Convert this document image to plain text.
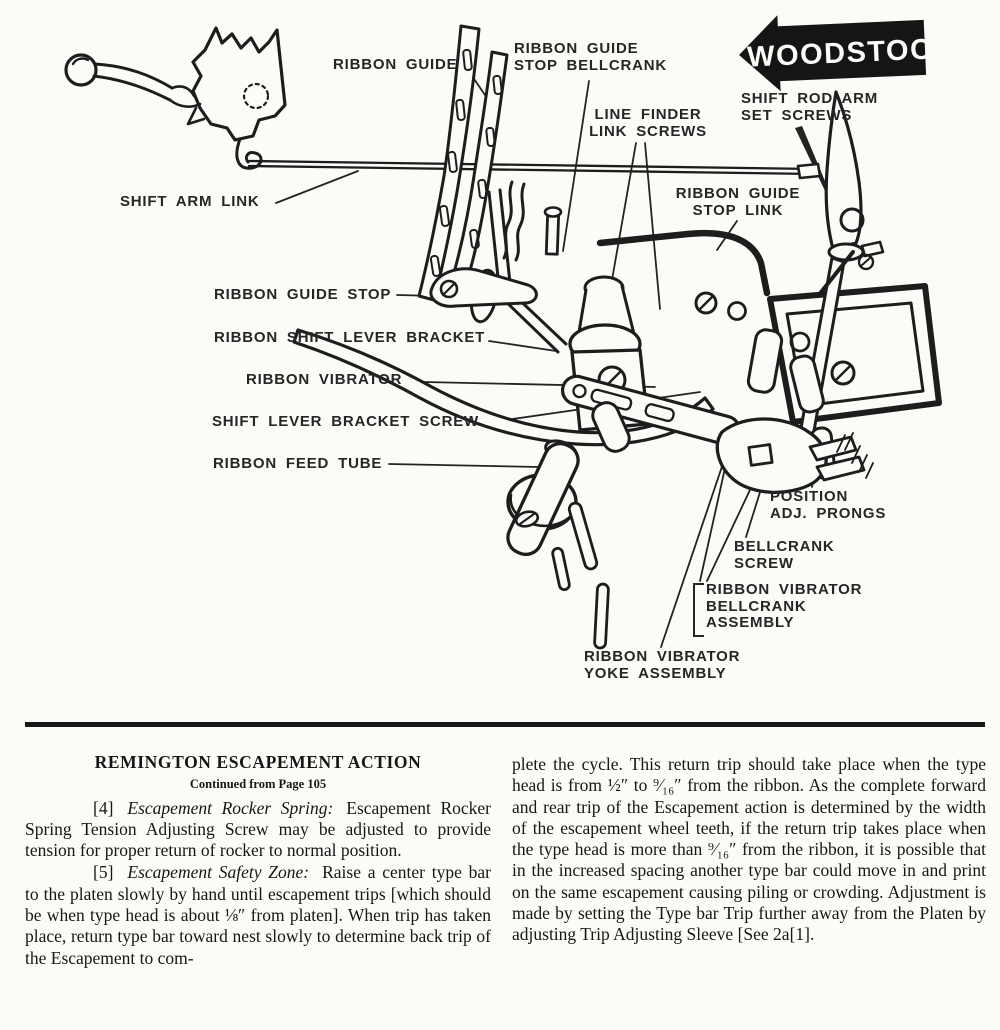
WOODSTOCK
RIBBON GUIDE
RIBBON GUIDE
STOP BELLCRANK
LINE FINDER
LINK SCREWS
SHIFT ROD ARM
SET SCREWS
RIBBON GUIDE
STOP LINK
SHIFT ARM LINK
RIBBON GUIDE STOP
RIBBON SHIFT LEVER BRACKET
RIBBON VIBRATOR
SHIFT LEVER BRACKET SCREW
RIBBON FEED TUBE
POSITION
ADJ. PRONGS
BELLCRANK
SCREW
RIBBON VIBRATOR
BELLCRANK
ASSEMBLY
RIBBON VIBRATOR
YOKE ASSEMBLY
REMINGTON ESCAPEMENT ACTION
Continued from Page 105

[4] Escapement Rocker Spring: Escapement Rocker Spring Tension Adjusting Screw may be adjusted to provide tension for proper return of rocker to normal position.

[5] Escapement Safety Zone: Raise a center type bar to the platen slowly by hand until escapement trips [which should be when type head is about ⅛″ from platen]. When trip has taken place, return type bar toward nest slowly to determine back trip of the Escapement to com-

plete the cycle. This return trip should take place when the type head is from ½″ to ⁹⁄₁₆″ from the ribbon. As the complete forward and rear trip of the Escapement action is determined by the width of the escapement wheel teeth, if the return trip takes place when the type head is more than ⁹⁄₁₆″ from the ribbon, it is possible that in the increased spacing another type bar could move in and print on the same escapement causing piling or crowding. Adjustment is made by setting the Type bar Trip further away from the Platen by adjusting Trip Adjusting Sleeve [See 2a[1].
